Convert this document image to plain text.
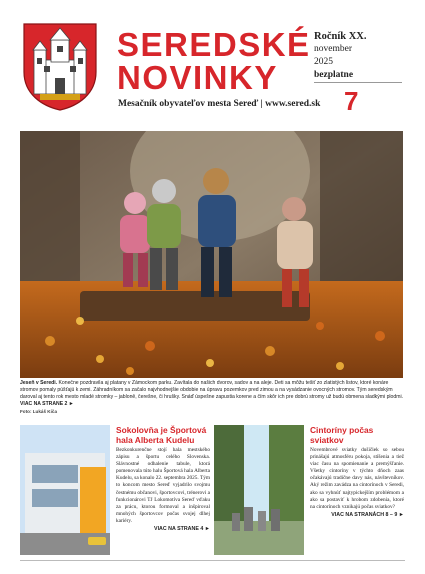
SEREDSKÉ
NOVINKY
Ročník XX.
november
2025
bezplatne
Mesačník obyvateľov mesta Sereď | www.sered.sk 7
Jeseň v Seredi. Konečne pozdravila aj platany v Zámockom parku. Zavítala do našich dvorov, sadov a na aleje. Deti sa môžu tešiť zo zlatistých listov, ktoré konáre stromov pomaly púšťajú k zemi. Záhradníkom sa začalo najvhodnejšie obdobie na úpravu pozemkov pred zimou a na vysádzanie ovocných stromov. Tým seredským daroval aj tento rok mesto mladé stromky – jabloně, čerešne, či hrušky. Snáď úspešne zapustia korene a čím skôr ich pre dobrú stromy už budú obmena sladkými plodmi. VIAC NA STRANE 2 ►
Foto: Lukáš Kiča
Sokolovňa je Športová hala Alberta Kudelu

Bezkonkurenčne stojí hala mestského zápisu a športu celého Slovenska. Slávnostné odhalenie tabule, ktorá pomenovala túto halu Športová hala Alberta Kudelu, sa konalo 22. septembra 2025. Tým to koncom mesto Sereď vyjadrilo svojmu čestnému občanovi, športovcovi, trénerovi a funkcionárovi TJ Lokomotíva Sereď vďaku za prácu, ktorou formoval a inšpiroval mnohých športovcov počas svojej dlhej kariéry.

VIAC NA STRANE 4 ►
Cintoríny počas sviatkov

Novembrové sviatky dušičiek so sebou prinášajú atmosféru pokoja, stíšenia a tiež viac času na spomienanie a premýšľanie. Všetky cintoríny v týchto dňoch zaas očakávajú tradične davy nás, návštevníkov. Aký režim zavádza na cintorínoch v Seredi, ako sa vyhnúť najtypickejším problémom a ako sa postaviť k hrobom zdobenia, ktoré na cintorínoch vznikajú počas sviatkov?

VIAC NA STRANÁCH 8 – 9 ►
